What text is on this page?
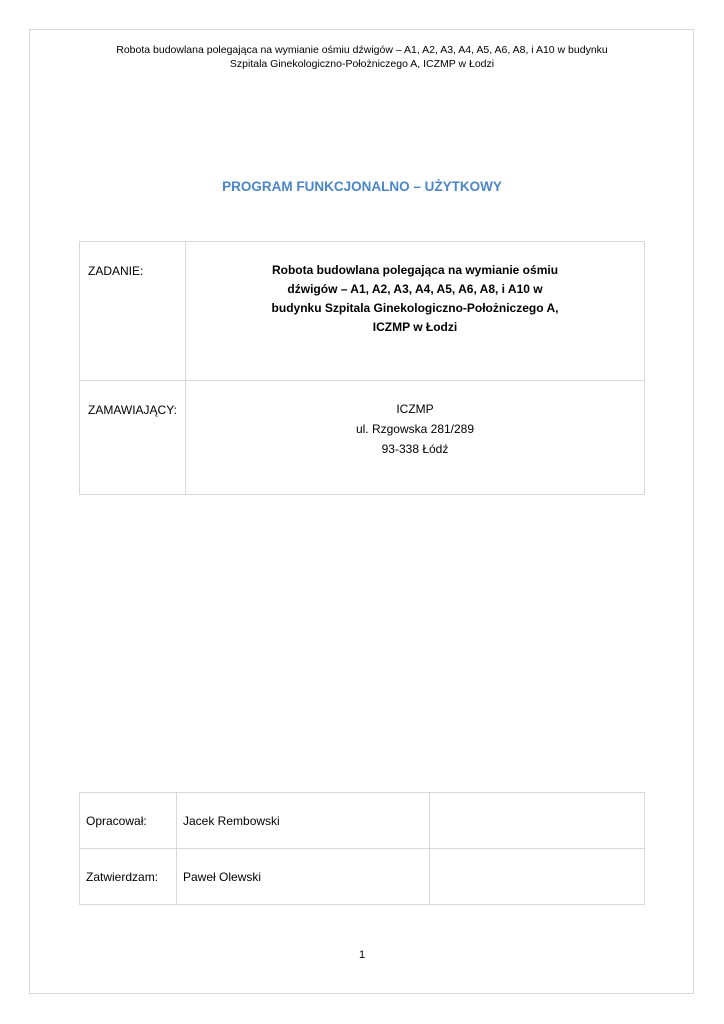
Robota budowlana polegająca na wymianie ośmiu dźwigów – A1, A2, A3, A4, A5, A6, A8, i A10 w budynku
Szpitala Ginekologiczno-Położniczego A, ICZMP w Łodzi
PROGRAM FUNKCJONALNO – UŻYTKOWY
ZADANIE:	Robota budowlana polegająca na wymianie ośmiu
dźwigów – A1, A2, A3, A4, A5, A6, A8, i A10 w
budynku Szpitala Ginekologiczno-Położniczego A,
ICZMP w Łodzi

ZAMAWIAJĄCY:	ICZMP
ul. Rzgowska 281/289
93-338 Łódź
Opracował:	Jacek Rembowski	
Zatwierdzam:	Paweł Olewski	
1
